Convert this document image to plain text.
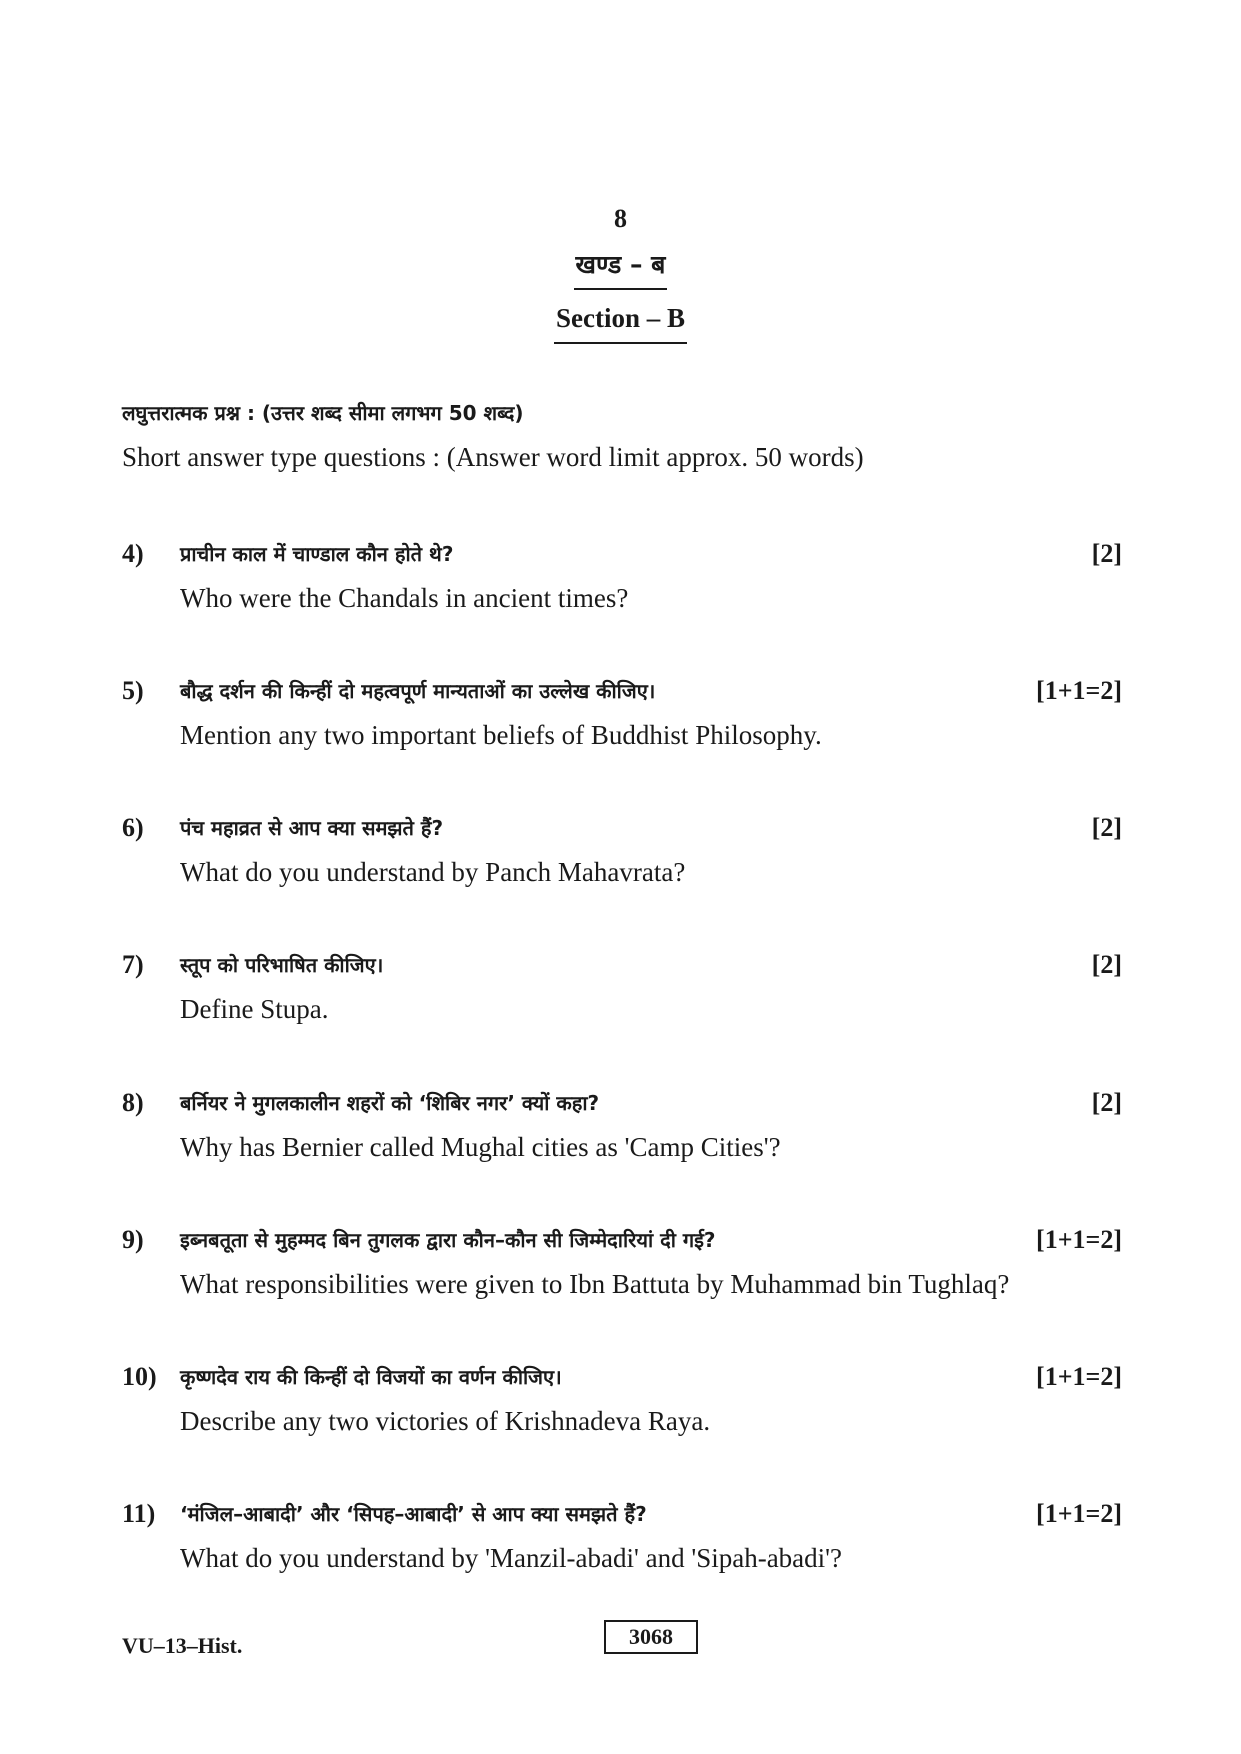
8
खण्ड – ब
Section – B
लघुत्तरात्मक प्रश्न : (उत्तर शब्द सीमा लगभग 50 शब्द)
Short answer type questions : (Answer word limit approx. 50 words)
4) प्राचीन काल में चाण्डाल कौन होते थे?	[2]
Who were the Chandals in ancient times?
5) बौद्ध दर्शन की किन्हीं दो महत्वपूर्ण मान्यताओं का उल्लेख कीजिए।	[1+1=2]
Mention any two important beliefs of Buddhist Philosophy.
6) पंच महाव्रत से आप क्या समझते हैं?	[2]
What do you understand by Panch Mahavrata?
7) स्तूप को परिभाषित कीजिए।	[2]
Define Stupa.
8) बर्नियर ने मुगलकालीन शहरों को ‘शिबिर नगर’ क्यों कहा?	[2]
Why has Bernier called Mughal cities as 'Camp Cities'?
9) इब्नबतूता से मुहम्मद बिन तुगलक द्वारा कौन–कौन सी जिम्मेदारियां दी गई?	[1+1=2]
What responsibilities were given to Ibn Battuta by Muhammad bin Tughlaq?
10) कृष्णदेव राय की किन्हीं दो विजयों का वर्णन कीजिए।	[1+1=2]
Describe any two victories of Krishnadeva Raya.
11) ‘मंजिल–आबादी’ और ‘सिपह–आबादी’ से आप क्या समझते हैं?	[1+1=2]
What do you understand by 'Manzil-abadi' and 'Sipah-abadi'?
VU–13–Hist.	3068
